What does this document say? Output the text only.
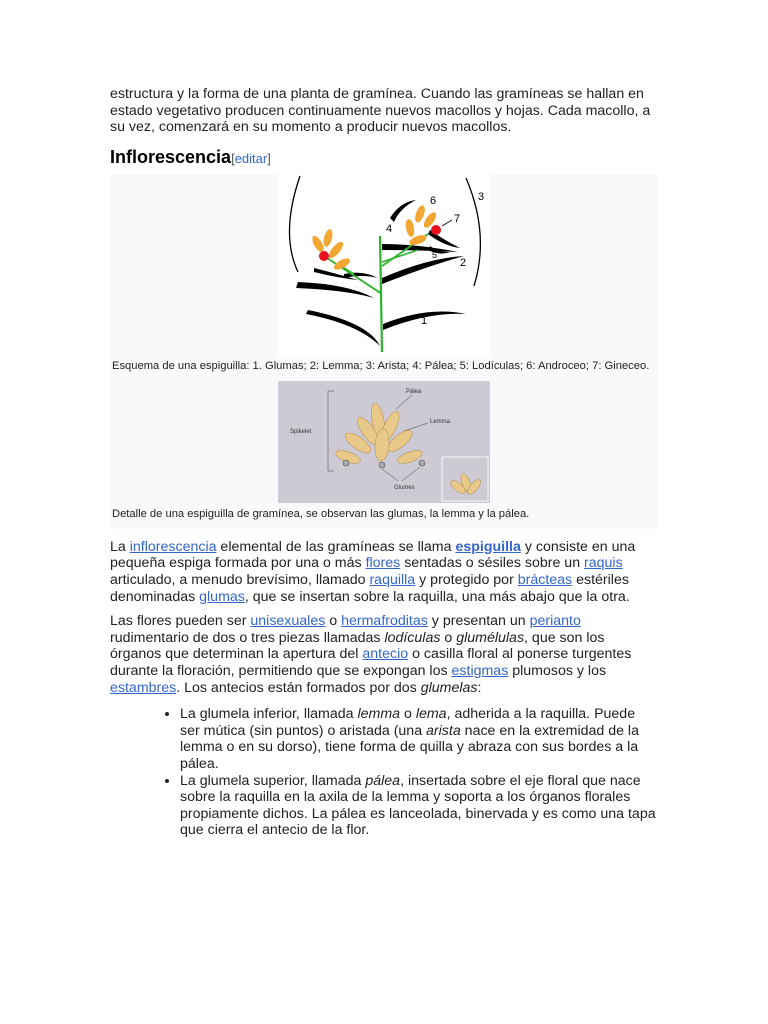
estructura y la forma de una planta de gramínea. Cuando las gramíneas se hallan en estado vegetativo producen continuamente nuevos macollos y hojas. Cada macollo, a su vez, comenzará en su momento a producir nuevos macollos.

Inflorescencia[editar]
1
2
3
4
5
6
7
Esquema de una espiguilla: 1. Glumas; 2: Lemma; 3: Arista; 4: Pálea; 5: Lodículas; 6: Androceo; 7: Gineceo.
Pálea
Lemma
Spikelet
Glumes
Detalle de una espiguilla de gramínea, se observan las glumas, la lemma y la pálea.

La inflorescencia elemental de las gramíneas se llama espiguilla y consiste en una pequeña espiga formada por una o más flores sentadas o sésiles sobre un raquis articulado, a menudo brevísimo, llamado raquilla y protegido por brácteas estériles denominadas glumas, que se insertan sobre la raquilla, una más abajo que la otra.

Las flores pueden ser unisexuales o hermafroditas y presentan un perianto rudimentario de dos o tres piezas llamadas lodículas o glumélulas, que son los órganos que determinan la apertura del antecio o casilla floral al ponerse turgentes durante la floración, permitiendo que se expongan los estigmas plumosos y los estambres. Los antecios están formados por dos glumelas:

• La glumela inferior, llamada lemma o lema, adherida a la raquilla. Puede ser mútica (sin puntos) o aristada (una arista nace en la extremidad de la lemma o en su dorso), tiene forma de quilla y abraza con sus bordes a la pálea.
• La glumela superior, llamada pálea, insertada sobre el eje floral que nace sobre la raquilla en la axila de la lemma y soporta a los órganos florales propiamente dichos. La pálea es lanceolada, binervada y es como una tapa que cierra el antecio de la flor.
